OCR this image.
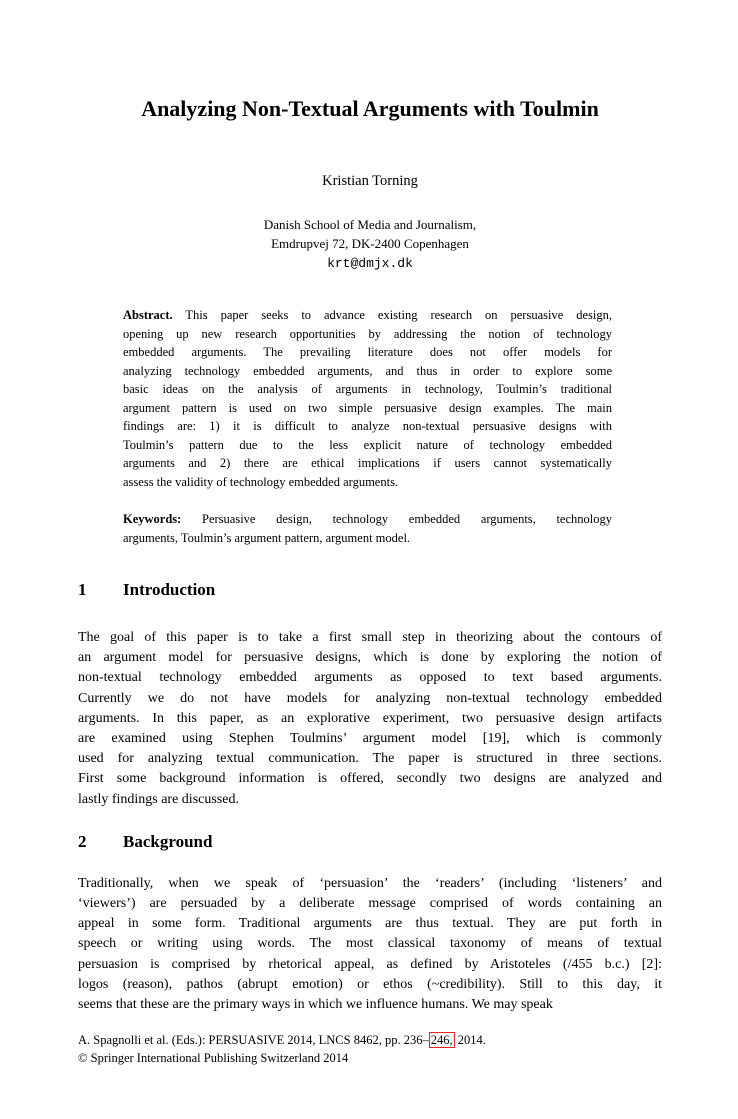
Analyzing Non-Textual Arguments with Toulmin
Kristian Torning
Danish School of Media and Journalism,
Emdrupvej 72, DK-2400 Copenhagen
krt@dmjx.dk
Abstract. This paper seeks to advance existing research on persuasive design,
opening up new research opportunities by addressing the notion of technology
embedded arguments. The prevailing literature does not offer models for
analyzing technology embedded arguments, and thus in order to explore some
basic ideas on the analysis of arguments in technology, Toulmin’s traditional
argument pattern is used on two simple persuasive design examples. The main
findings are: 1) it is difficult to analyze non-textual persuasive designs with
Toulmin’s pattern due to the less explicit nature of technology embedded
arguments and 2) there are ethical implications if users cannot systematically
assess the validity of technology embedded arguments.
Keywords: Persuasive design, technology embedded arguments, technology
arguments, Toulmin’s argument pattern, argument model.
1 Introduction
The goal of this paper is to take a first small step in theorizing about the contours of
an argument model for persuasive designs, which is done by exploring the notion of
non-textual technology embedded arguments as opposed to text based arguments.
Currently we do not have models for analyzing non-textual technology embedded
arguments. In this paper, as an explorative experiment, two persuasive design artifacts
are examined using Stephen Toulmins’ argument model [19], which is commonly
used for analyzing textual communication. The paper is structured in three sections.
First some background information is offered, secondly two designs are analyzed and
lastly findings are discussed.
2 Background
Traditionally, when we speak of ‘persuasion’ the ‘readers’ (including ‘listeners’ and
‘viewers’) are persuaded by a deliberate message comprised of words containing an
appeal in some form. Traditional arguments are thus textual. They are put forth in
speech or writing using words. The most classical taxonomy of means of textual
persuasion is comprised by rhetorical appeal, as defined by Aristoteles (/455 b.c.) [2]:
logos (reason), pathos (abrupt emotion) or ethos (~credibility). Still to this day, it
seems that these are the primary ways in which we influence humans. We may speak
A. Spagnolli et al. (Eds.): PERSUASIVE 2014, LNCS 8462, pp. 236– 246, 2014.
© Springer International Publishing Switzerland 2014
